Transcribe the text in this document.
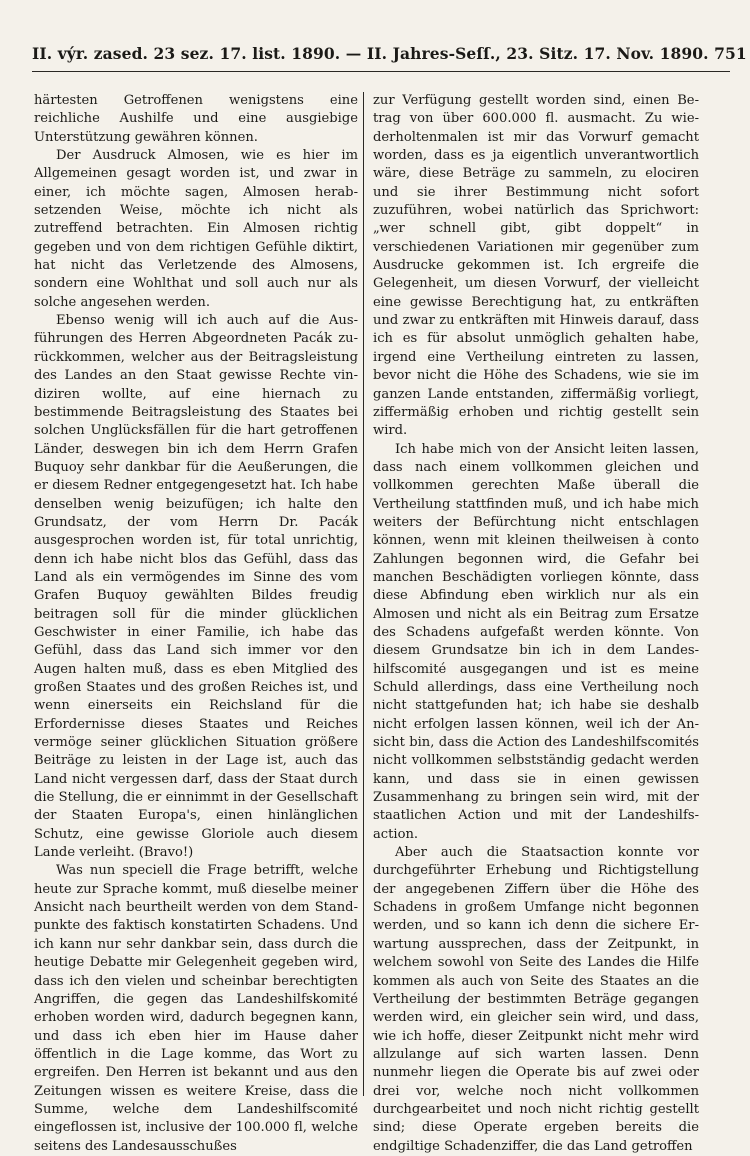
II. výr. zased. 23 sez. 17. list. 1890. — II. Jahres-Seſſ., 23. Sitz. 17. Nov. 1890. 751

härtesten Getroffenen wenigstens eine reichliche Aushilfe und eine ausgiebige Unterstützung gewähren können.

Der Ausdruck Almosen, wie es hier im Allgemeinen gesagt worden ist, und zwar in einer, ich möchte sagen, Almosen herabsetzenden Weise, möchte ich nicht als zutreffend betrachten. Ein Almosen richtig gegeben und von dem richtigen Gefühle diktirt, hat nicht das Verletzende des Almosens, sondern eine Wohlthat und soll auch nur als solche angesehen werden.

Ebenso wenig will ich auch auf die Ausführungen des Herren Abgeordneten Pacák zurückkommen, welcher aus der Beitragsleistung des Landes an den Staat gewisse Rechte vindiziren wollte, auf eine hiernach zu bestimmende Beitragsleistung des Staates bei solchen Unglücksfällen für die hart getroffenen Länder, deswegen bin ich dem Herrn Grafen Buquoy sehr dankbar für die Aeußerungen, die er diesem Redner entgegengesetzt hat. Ich habe denselben wenig beizufügen; ich halte den Grundsatz, der vom Herrn Dr. Pacák ausgesprochen worden ist, für total unrichtig, denn ich habe nicht blos das Gefühl, dass das Land als ein vermögendes im Sinne des vom Grafen Buquoy gewählten Bildes freudig beitragen soll für die minder glücklichen Geschwister in einer Familie, ich habe das Gefühl, dass das Land sich immer vor den Augen halten muß, dass es eben Mitglied des großen Staates und des großen Reiches ist, und wenn einerseits ein Reichsland für die Erfordernisse dieses Staates und Reiches vermöge seiner glücklichen Situation größere Beiträge zu leisten in der Lage ist, auch das Land nicht vergessen darf, dass der Staat durch die Stellung, die er einnimmt in der Gesellschaft der Staaten Europa's, einen hinlänglichen Schutz, eine gewisse Gloriole auch diesem Lande verleiht. (Bravo!)

Was nun speciell die Frage betrifft, welche heute zur Sprache kommt, muß dieselbe meiner Ansicht nach beurtheilt werden von dem Standpunkte des faktisch konstatirten Schadens. Und ich kann nur sehr dankbar sein, dass durch die heutige Debatte mir Gelegenheit gegeben wird, dass ich den vielen und scheinbar berechtigten Angriffen, die gegen das Landeshilfskomité erhoben worden wird, dadurch begegnen kann, und dass ich eben hier im Hause daher öffentlich in die Lage komme, das Wort zu ergreifen. Den Herren ist bekannt und aus den Zeitungen wissen es weitere Kreise, dass die Summe, welche dem Landeshilfscomité eingeflossen ist, inclusive der 100.000 fl, welche seitens des Landesausschußes

zur Verfügung gestellt worden sind, einen Betrag von über 600.000 fl. ausmacht. Zu wiederholtenmalen ist mir das Vorwurf gemacht worden, dass es ja eigentlich unverantwortlich wäre, diese Beträge zu sammeln, zu elociren und sie ihrer Bestimmung nicht sofort zuzuführen, wobei natürlich das Sprichwort: „wer schnell gibt, gibt doppelt“ in verschiedenen Variationen mir gegenüber zum Ausdrucke gekommen ist. Ich ergreife die Gelegenheit, um diesen Vorwurf, der vielleicht eine gewisse Berechtigung hat, zu entkräften und zwar zu entkräften mit Hinweis darauf, dass ich es für absolut unmöglich gehalten habe, irgend eine Vertheilung eintreten zu lassen, bevor nicht die Höhe des Schadens, wie sie im ganzen Lande entstanden, ziffermäßig vorliegt, ziffermäßig erhoben und richtig gestellt sein wird.

Ich habe mich von der Ansicht leiten lassen, dass nach einem vollkommen gleichen und vollkommen gerechten Maße überall die Vertheilung stattfinden muß, und ich habe mich weiters der Befürchtung nicht entschlagen können, wenn mit kleinen theilweisen à conto Zahlungen begonnen wird, die Gefahr bei manchen Beschädigten vorliegen könnte, dass diese Abfindung eben wirklich nur als ein Almosen und nicht als ein Beitrag zum Ersatze des Schadens aufgefaßt werden könnte. Von diesem Grundsatze bin ich in dem Landeshilfscomité ausgegangen und ist es meine Schuld allerdings, dass eine Vertheilung noch nicht stattgefunden hat; ich habe sie deshalb nicht erfolgen lassen können, weil ich der Ansicht bin, dass die Action des Landeshilfscomités nicht vollkommen selbstständig gedacht werden kann, und dass sie in einen gewissen Zusammenhang zu bringen sein wird, mit der staatlichen Action und mit der Landeshilfsaction.

Aber auch die Staatsaction konnte vor durchgeführter Erhebung und Richtigstellung der angegebenen Ziffern über die Höhe des Schadens in großem Umfange nicht begonnen werden, und so kann ich denn die sichere Erwartung aussprechen, dass der Zeitpunkt, in welchem sowohl von Seite des Landes die Hilfe kommen als auch von Seite des Staates an die Vertheilung der bestimmten Beträge gegangen werden wird, ein gleicher sein wird, und dass, wie ich hoffe, dieser Zeitpunkt nicht mehr wird allzulange auf sich warten lassen. Denn nunmehr liegen die Operate bis auf zwei oder drei vor, welche noch nicht vollkommen durchgearbeitet und noch nicht richtig gestellt sind; diese Operate ergeben bereits die endgiltige Schadenziffer, die das Land getroffen
